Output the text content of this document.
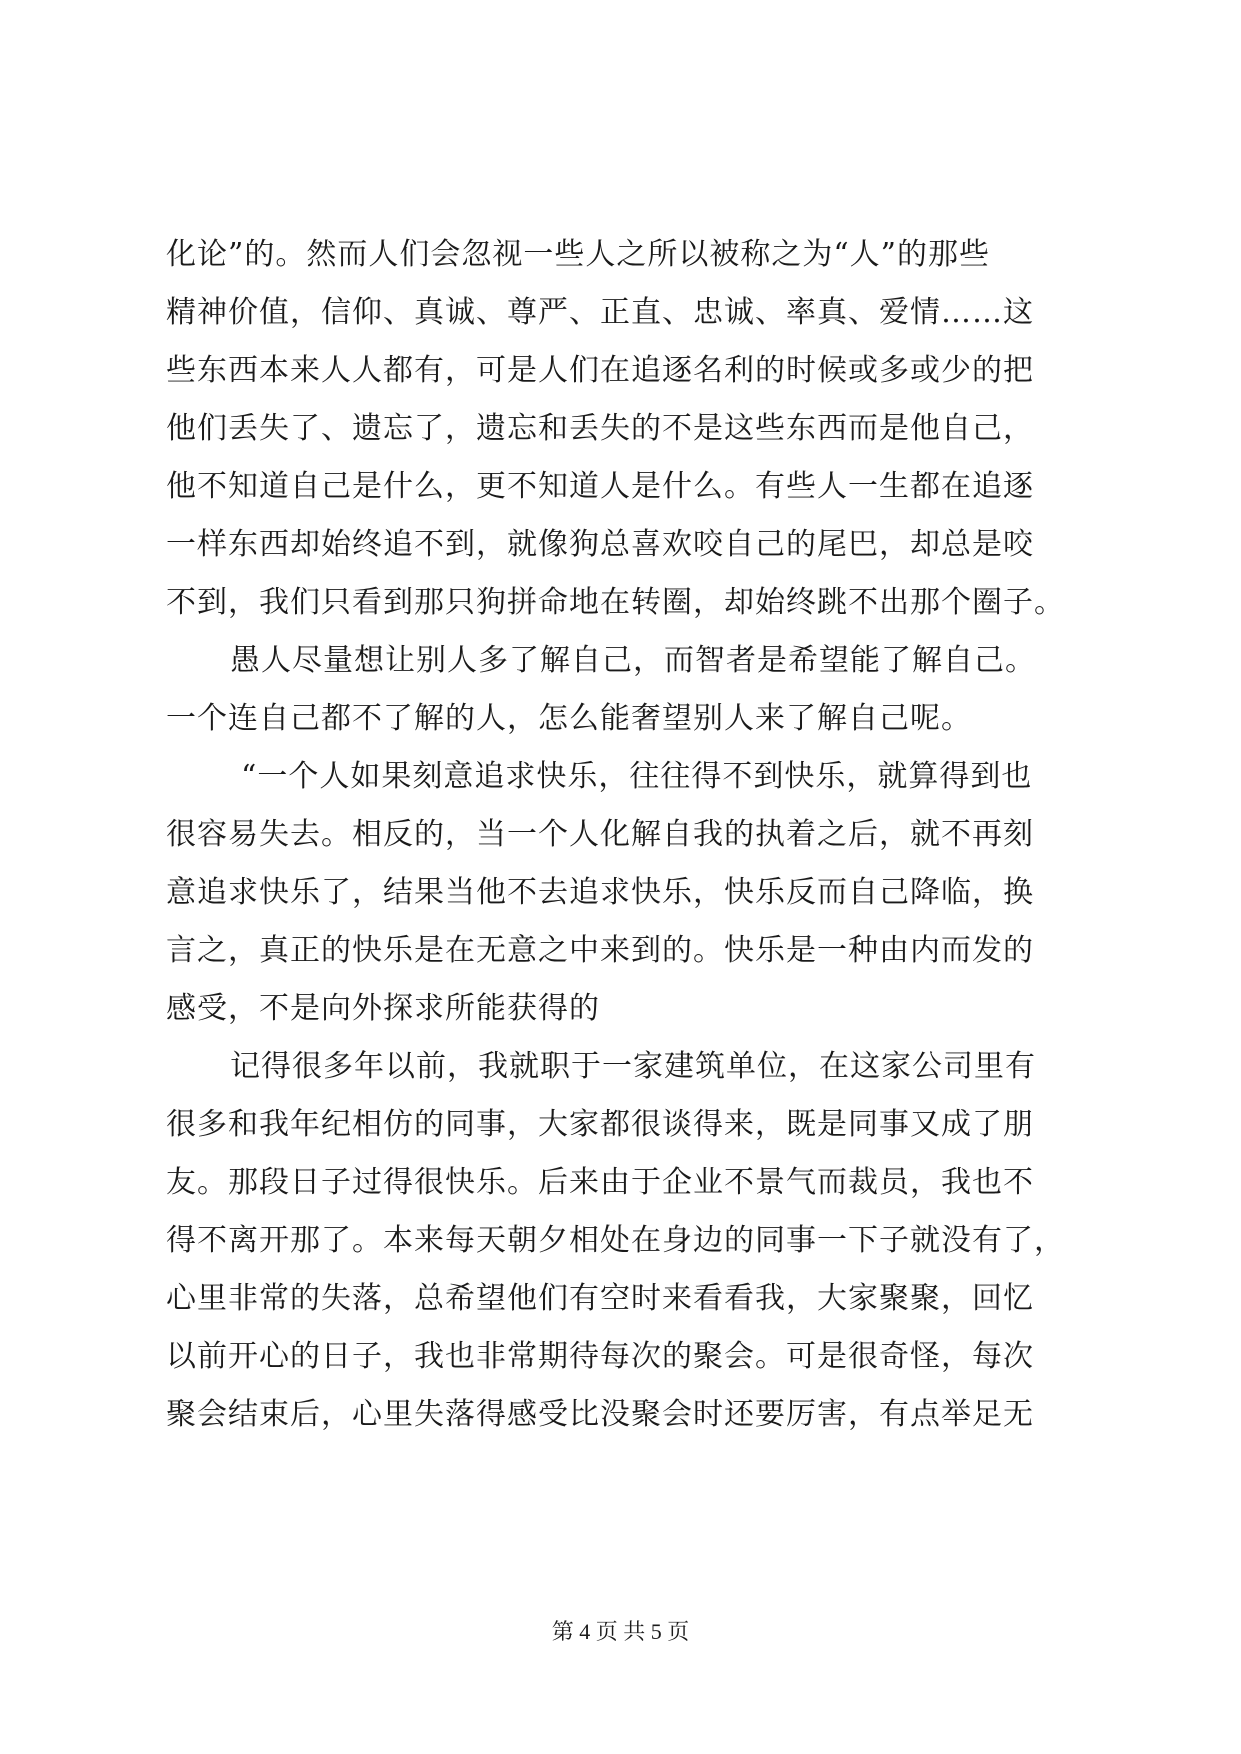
化论”的。然而人们会忽视一些人之所以被称之为“人”的那些
精神价值，信仰、真诚、尊严、正直、忠诚、率真、爱情……这
些东西本来人人都有，可是人们在追逐名利的时候或多或少的把
他们丢失了、遗忘了，遗忘和丢失的不是这些东西而是他自己，
他不知道自己是什么，更不知道人是什么。有些人一生都在追逐
一样东西却始终追不到，就像狗总喜欢咬自己的尾巴，却总是咬
不到，我们只看到那只狗拼命地在转圈，却始终跳不出那个圈子。
愚人尽量想让别人多了解自己，而智者是希望能了解自己。
一个连自己都不了解的人，怎么能奢望别人来了解自己呢。
“一个人如果刻意追求快乐，往往得不到快乐，就算得到也
很容易失去。相反的，当一个人化解自我的执着之后，就不再刻
意追求快乐了，结果当他不去追求快乐，快乐反而自己降临，换
言之，真正的快乐是在无意之中来到的。快乐是一种由内而发的
感受，不是向外探求所能获得的
记得很多年以前，我就职于一家建筑单位，在这家公司里有
很多和我年纪相仿的同事，大家都很谈得来，既是同事又成了朋
友。那段日子过得很快乐。后来由于企业不景气而裁员，我也不
得不离开那了。本来每天朝夕相处在身边的同事一下子就没有了，
心里非常的失落，总希望他们有空时来看看我，大家聚聚，回忆
以前开心的日子，我也非常期待每次的聚会。可是很奇怪，每次
聚会结束后，心里失落得感受比没聚会时还要厉害，有点举足无
第 4 页 共 5 页
